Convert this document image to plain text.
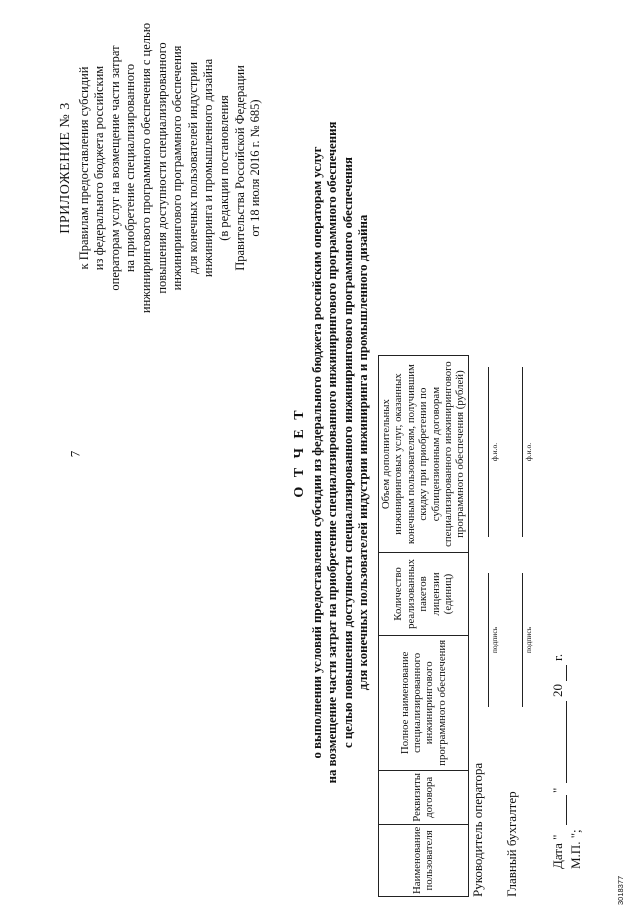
7
ПРИЛОЖЕНИЕ № 3 к Правилам предоставления субсидий из федерального бюджета российским операторам услуг на возмещение части затрат на приобретение специализированного инжинирингового программного обеспечения с целью повышения доступности специализированного инжинирингового программного обеспечения для конечных пользователей индустрии инжиниринга и промышленного дизайна (в редакции постановления Правительства Российской Федерации от 18 июля 2016 г. № 685)
О Т Ч Е Т о выполнении условий предоставления субсидии из федерального бюджета российским операторам услуг на возмещение части затрат на приобретение специализированного инжинирингового программного обеспечения с целью повышения доступности специализированного инжинирингового программного обеспечения для конечных пользователей индустрии инжиниринга и промышленного дизайна
Наименование пользователя	Реквизиты договора	Полное наименование специализированного инжинирингового программного обеспечения	Количество реализованных пакетов лицензии (единиц)	Объем дополнительных инжиниринговых услуг, оказанных конечным пользователям, получившим скидку при приобретении по сублицензионным договорам специализированного инжинирингового программного обеспечения (рублей)
Руководитель оператора
подпись
ф.и.о.
Главный бухгалтер
подпись
ф.и.о.
Дата "
"
20
г.
М.П. ";
3018377
